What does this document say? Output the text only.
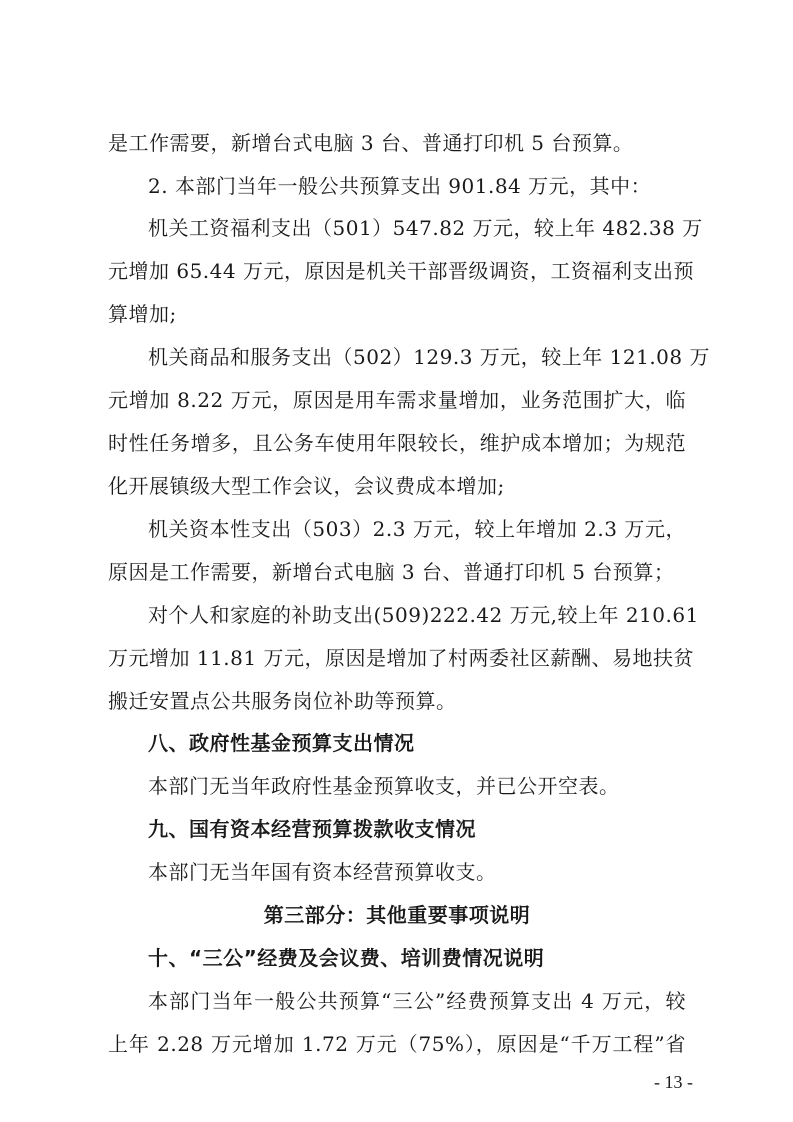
是工作需要，新增台式电脑 3 台、普通打印机 5 台预算。
2. 本部门当年一般公共预算支出 901.84 万元，其中：
机关工资福利支出（501）547.82 万元，较上年 482.38 万
元增加 65.44 万元，原因是机关干部晋级调资，工资福利支出预
算增加;
机关商品和服务支出（502）129.3 万元，较上年 121.08 万
元增加 8.22 万元，原因是用车需求量增加，业务范围扩大，临
时性任务增多，且公务车使用年限较长，维护成本增加；为规范
化开展镇级大型工作会议，会议费成本增加;
机关资本性支出（503）2.3 万元，较上年增加 2.3 万元，
原因是工作需要，新增台式电脑 3 台、普通打印机 5 台预算；
对个人和家庭的补助支出(509)222.42 万元,较上年 210.61
万元增加 11.81 万元，原因是增加了村两委社区薪酬、易地扶贫
搬迁安置点公共服务岗位补助等预算。
八、政府性基金预算支出情况
本部门无当年政府性基金预算收支，并已公开空表。
九、国有资本经营预算拨款收支情况
本部门无当年国有资本经营预算收支。
第三部分：其他重要事项说明
十、“三公”经费及会议费、培训费情况说明
本部门当年一般公共预算“三公”经费预算支出 4 万元，较
上年 2.28 万元增加 1.72 万元（75%），原因是“千万工程”省
- 13 -
